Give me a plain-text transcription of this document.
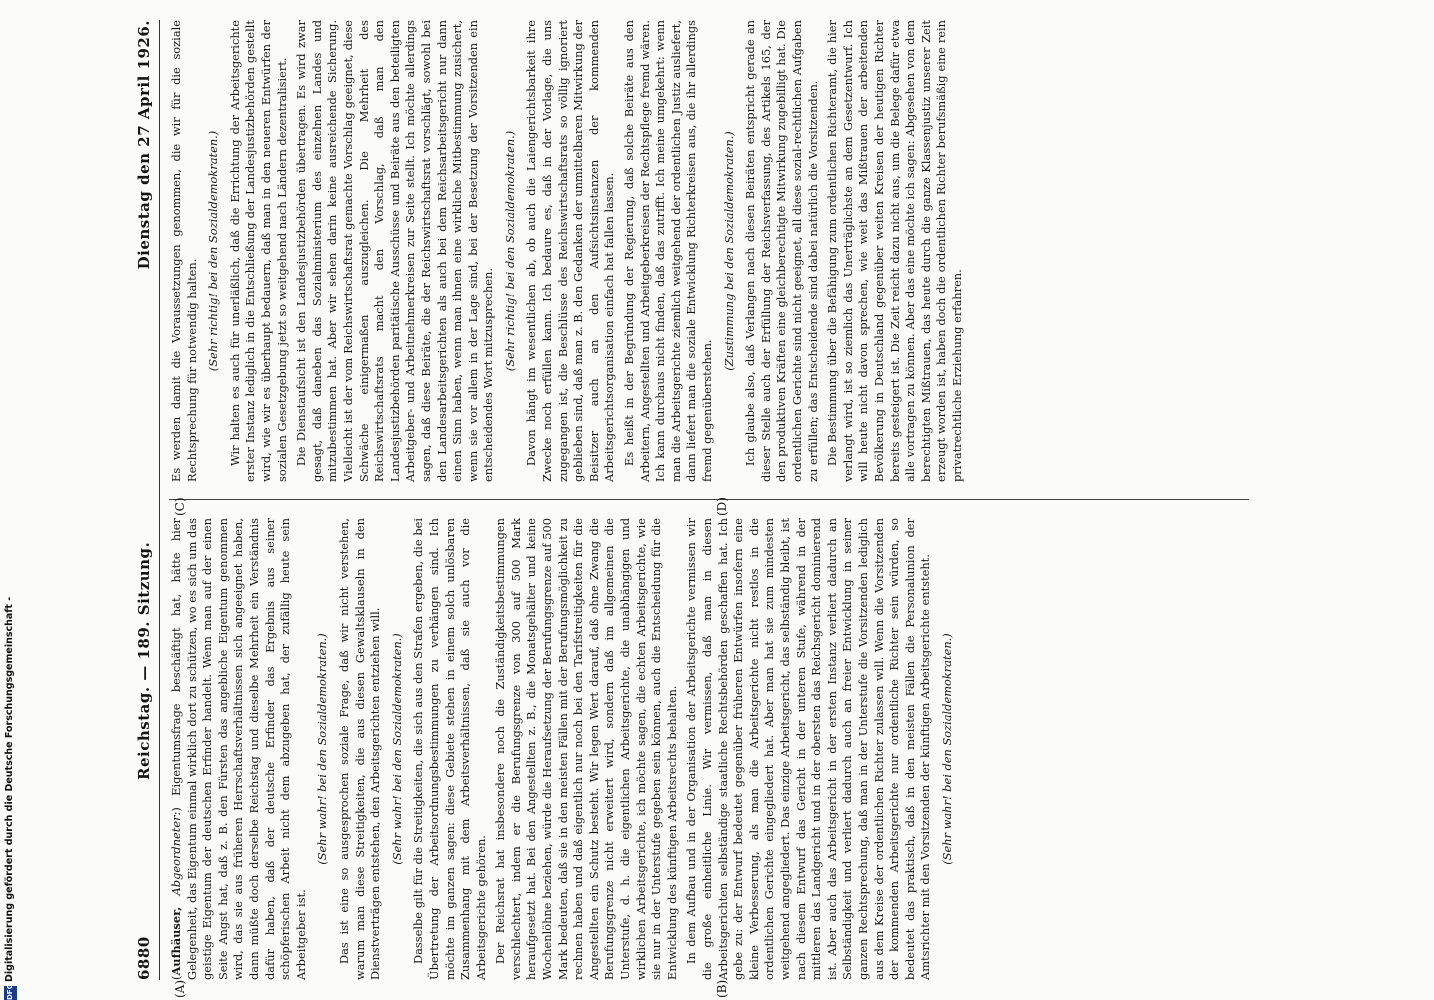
6880
Reichstag. — 189. Sitzung.
Dienstag den 27 April 1926.
(A)	(B)
(C)	(D)

(Aufhäuser, Abgeordneter:) Eigentumsfrage beschäftigt hat, hätte hier Gelegenheit, das Eigentum einmal wirklich dort zu schützen, wo es sich um das geistige Eigentum der deutschen Erfinder handelt. Wenn man auf der einen Seite Angst hat, daß z. B. den Fürsten das angebliche Eigentum genommen wird, das sie aus früheren Herrschaftsverhältnissen sich angeeignet haben, dann müßte doch derselbe Reichstag und dieselbe Mehrheit ein Verständnis dafür haben, daß der deutsche Erfinder das Ergebnis aus seiner schöpferischen Arbeit nicht dem abzugeben hat, der zufällig heute sein Arbeitgeber ist.

(Sehr wahr! bei den Sozialdemokraten.) Das ist eine so ausgesprochen soziale Frage, daß wir nicht verstehen, warum man diese Streitigkeiten, die aus diesen Gewaltsklauseln in den Dienstverträgen entstehen, den Arbeitsgerichten entziehen will. (Sehr wahr! bei den Sozialdemokraten.) Dasselbe gilt für die Streitigkeiten, die sich aus den Strafen ergeben, die bei Übertretung der Arbeitsordnungsbestimmungen zu verhängen sind. Ich möchte im ganzen sagen: diese Gebiete stehen in einem solch unlösbaren Zusammenhang mit dem Arbeitsverhältnissen, daß sie auch vor die Arbeitsgerichte gehören. Der Reichsrat hat insbesondere noch die Zuständigkeitsbestimmungen verschlechtert, indem er die Berufungsgrenze von 300 auf 500 Mark heraufgesetzt hat. Bei den Angestellten z. B., die Monatsgehälter und keine Wochenlöhne beziehen, würde die Heraufsetzung der Berufungsgrenze auf 500 Mark bedeuten, daß sie in den meisten Fällen mit der Berufungsmöglichkeit zu rechnen haben und daß eigentlich nur noch bei den Tarifstreitigkeiten für die Angestellten ein Schutz besteht. Wir legen Wert darauf, daß ohne Zwang die Berufungsgrenze nicht erweitert wird, sondern daß im allgemeinen die Unterstufe, d. h. die eigentlichen Arbeitsgerichte, die unabhängigen und wirklichen Arbeitsgerichte, ich möchte sagen, die echten Arbeitsgerichte, wie sie nur in der Unterstufe gegeben sein können, auch die Entscheidung für die Entwicklung des künftigen Arbeitsrechts behalten. In dem Aufbau und in der Organisation der Arbeitsgerichte vermissen wir die große einheitliche Linie. Wir vermissen, daß man in diesen Arbeitsgerichten selbständige staatliche Rechtsbehörden geschaffen hat. Ich gebe zu: der Entwurf bedeutet gegenüber früheren Entwürfen insofern eine kleine Verbesserung, als man die Arbeitsgerichte nicht restlos in die ordentlichen Gerichte eingegliedert hat. Aber man hat sie zum mindesten weitgehend angegliedert. Das einzige Arbeitsgericht, das selbständig bleibt, ist nach diesem Entwurf das Gericht in der unteren Stufe, während in der mittleren das Landgericht und in der obersten das Reichsgericht dominierend ist. Aber auch das Arbeitsgericht in der ersten Instanz verliert dadurch an Selbständigkeit und verliert dadurch auch an freier Entwicklung in seiner ganzen Rechtsprechung, daß man in der Unterstufe die Vorsitzenden lediglich aus dem Kreise der ordentlichen Richter zulassen will. Wenn die Vorsitzenden der kommenden Arbeitsgerichte nur ordentliche Richter sein würden, so bedeutet das praktisch, daß in den meisten Fällen die Personalunion der Amtsrichter mit den Vorsitzenden der künftigen Arbeitsgerichte entsteht. (Sehr wahr! bei den Sozialdemokraten.)

Es werden damit die Voraussetzungen genommen, die wir für die soziale Rechtsprechung für notwendig halten. (Sehr richtig! bei den Sozialdemokraten.) Wir halten es auch für unerläßlich, daß die Errichtung der Arbeitsgerichte erster Instanz lediglich in die Entschließung der Landesjustizbehörden gestellt wird, wie wir es überhaupt bedauern, daß man in den neueren Entwürfen der sozialen Gesetzgebung jetzt so weitgehend nach Ländern dezentralisiert. Die Dienstaufsicht ist den Landesjustizbehörden übertragen. Es wird zwar gesagt, daß daneben das Sozialministerium des einzelnen Landes und mitzubestimmen hat. Aber wir sehen darin keine ausreichende Sicherung. Vielleicht ist der vom Reichswirtschaftsrat gemachte Vorschlag geeignet, diese Schwäche einigermaßen auszugleichen. Die Mehrheit des Reichswirtschaftsrats macht den Vorschlag, daß man den Landesjustizbehörden paritätische Ausschüsse und Beiräte aus den beteiligten Arbeitgeber- und Arbeitnehmerkreisen zur Seite stellt. Ich möchte allerdings sagen, daß diese Beiräte, die der Reichswirtschaftsrat vorschlägt, sowohl bei den Landesarbeitsgerichten als auch bei dem Reichsarbeitsgericht nur dann einen Sinn haben, wenn man ihnen eine wirkliche Mitbestimmung zusichert, wenn sie vor allem in der Lage sind, bei der Besetzung der Vorsitzenden ein entscheidendes Wort mitzusprechen.

(Sehr richtig! bei den Sozialdemokraten.) Davon hängt im wesentlichen ab, ob auch die Laiengerichtsbarkeit ihre Zwecke noch erfüllen kann. Ich bedaure es, daß in der Vorlage, die uns zugegangen ist, die Beschlüsse des Reichswirtschaftsrats so völlig ignoriert geblieben sind, daß man z. B. den Gedanken der unmittelbaren Mitwirkung der Beisitzer auch an den Aufsichtsinstanzen der kommenden Arbeitsgerichtsorganisation einfach hat fallen lassen. Es heißt in der Begründung der Regierung, daß solche Beiräte aus den Arbeitern, Angestellten und Arbeitgeberkreisen der Rechtspflege fremd wären. Ich kann durchaus nicht finden, daß das zutrifft. Ich meine umgekehrt: wenn man die Arbeitsgerichte ziemlich weitgehend der ordentlichen Justiz ausliefert, dann liefert man die soziale Entwicklung Richterkreisen aus, die ihr allerdings fremd gegenüberstehen.

(Zustimmung bei den Sozialdemokraten.) Ich glaube also, daß Verlangen nach diesen Beiräten entspricht gerade an dieser Stelle auch der Erfüllung der Reichsverfassung, des Artikels 165, der den produktiven Kräften eine gleichberechtigte Mitwirkung zugebilligt hat. Die ordentlichen Gerichte sind nicht geeignet, all diese sozial-rechtlichen Aufgaben zu erfüllen; das Entscheidende sind dabei natürlich die Vorsitzenden. Die Bestimmung über die Befähigung zum ordentlichen Richteramt, die hier verlangt wird, ist so ziemlich das Unerträglichste an dem Gesetzentwurf. Ich will heute nicht davon sprechen, wie weit das Mißtrauen der arbeitenden Bevölkerung in Deutschland gegenüber weiten Kreisen der heutigen Richter bereits gesteigert ist. Die Zeit reicht dazu nicht aus, um die Belege dafür etwa alle vortragen zu können. Aber das eine möchte ich sagen: Abgesehen von dem berechtigten Mißtrauen, das heute durch die ganze Klassenjustiz unserer Zeit erzeugt worden ist, haben doch die ordentlichen Richter berufsmäßig eine rein privatrechtliche Erziehung erfahren.

DFG
Digitalisierung gefördert durch die Deutsche Forschungsgemeinschaft -
